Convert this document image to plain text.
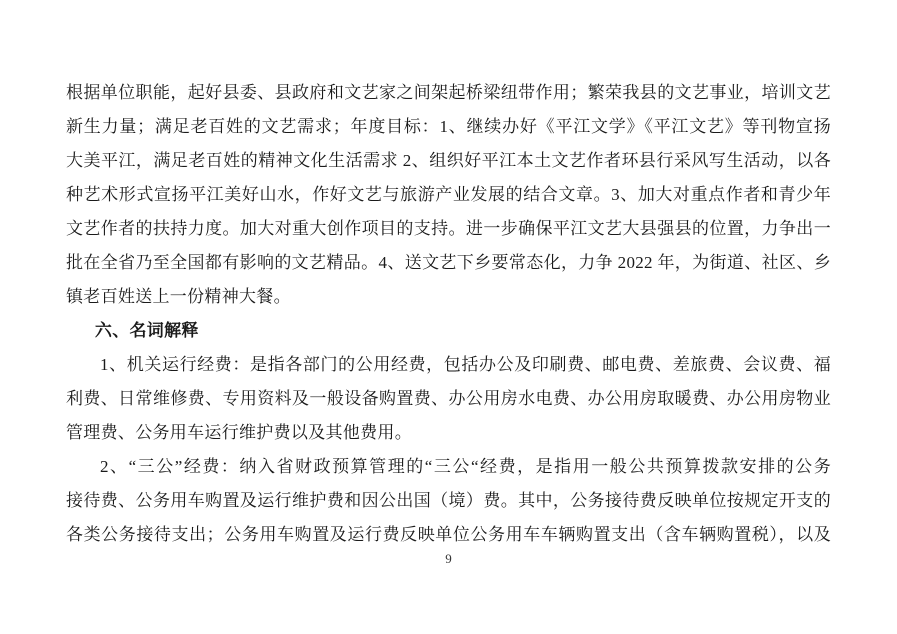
根据单位职能，起好县委、县政府和文艺家之间架起桥梁纽带作用；繁荣我县的文艺事业，培训文艺
新生力量；满足老百姓的文艺需求；年度目标：1、继续办好《平江文学》《平江文艺》等刊物宣扬
大美平江，满足老百姓的精神文化生活需求 2、组织好平江本土文艺作者环县行采风写生活动，以各
种艺术形式宣扬平江美好山水，作好文艺与旅游产业发展的结合文章。3、加大对重点作者和青少年
文艺作者的扶持力度。加大对重大创作项目的支持。进一步确保平江文艺大县强县的位置，力争出一
批在全省乃至全国都有影响的文艺精品。4、送文艺下乡要常态化，力争 2022 年，为街道、社区、乡
镇老百姓送上一份精神大餐。
六、名词解释
1、机关运行经费：是指各部门的公用经费，包括办公及印刷费、邮电费、差旅费、会议费、福
利费、日常维修费、专用资料及一般设备购置费、办公用房水电费、办公用房取暖费、办公用房物业
管理费、公务用车运行维护费以及其他费用。
2、“三公”经费：纳入省财政预算管理的“三公“经费，是指用一般公共预算拨款安排的公务
接待费、公务用车购置及运行维护费和因公出国（境）费。其中，公务接待费反映单位按规定开支的
各类公务接待支出；公务用车购置及运行费反映单位公务用车车辆购置支出（含车辆购置税），以及
9
